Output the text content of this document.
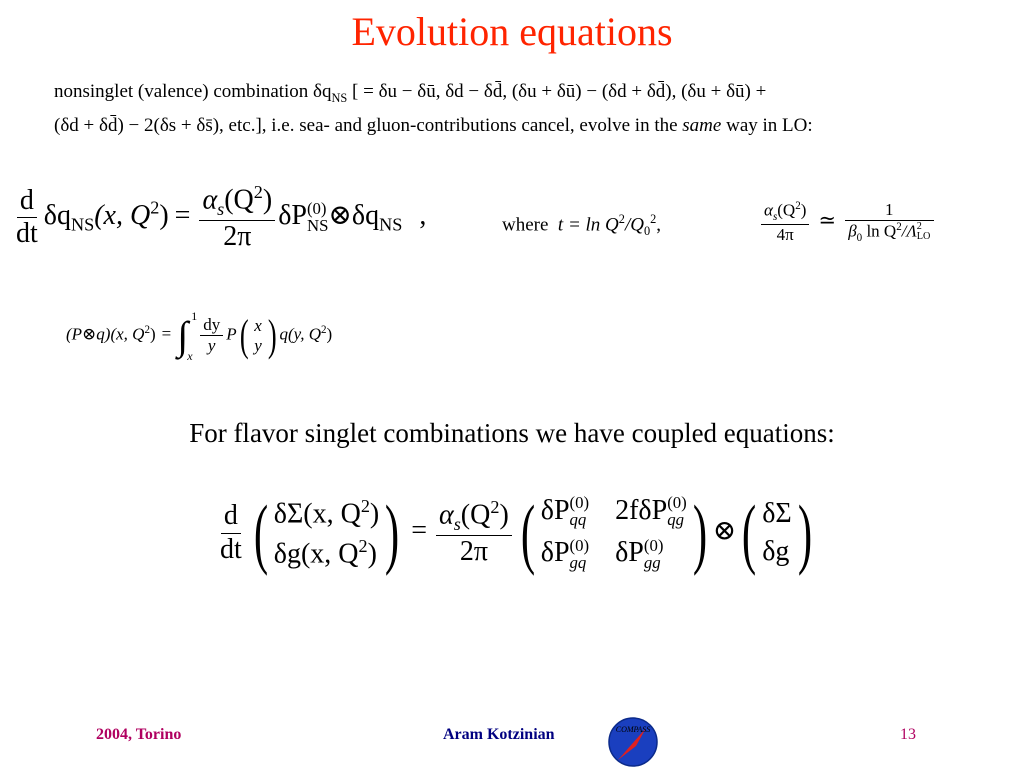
Evolution equations
nonsinglet (valence) combination $\delta q_{NS}$ [ = δu − δū, δd − δd̄, (δu + δū) − (δd + δd̄), (δu + δū) +
(δd + δd̄) − 2(δs + δs̄), etc.], i.e. sea- and gluon-contributions cancel, evolve in the same way in LO:
$\frac{d}{dt} \delta q_{NS}(x$, $Q^2) = \frac{\alpha_s(Q^2)}{2\pi}$ δP (0)
NS $\otimes\delta q_{NS}$ ,	where $t = \ln Q^2/Q_0^2$,	$\frac{\alpha_s(Q^2)}{4\pi}$ ≃ 1
$\beta_0$ $\ln Q^2/\Lambda$ 2
LO
(P⊗q)(x, $Q^2$) = ∫ 1
x
$\frac{dy}{y} P$( x
y ) q(y, $Q^2$)
For flavor singlet combinations we have coupled equations:
$\frac{d}{dt}$ ( δΣ(x, $Q^2$)
δg(x, $Q^2$) ) = $\frac{\alpha_s(Q^2)}{2\pi}$ ( δP (0)
qq 2fδP (0)
qg
δP (0)
gq δP (0)
gg ) ⊗( δΣ
δg )
2004, Torino	Aram Kotzinian	COMPASS	13
